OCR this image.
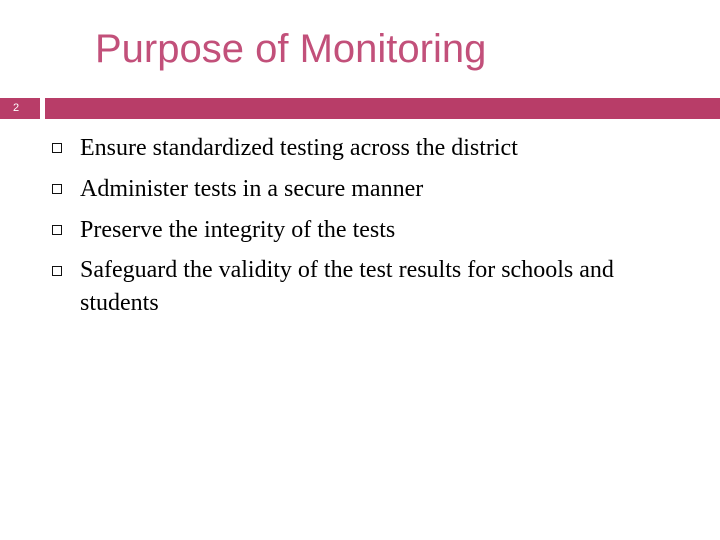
Purpose of Monitoring
2
Ensure standardized testing across the district
Administer tests in a secure manner
Preserve the integrity of the tests
Safeguard the validity of the test results for schools and students
